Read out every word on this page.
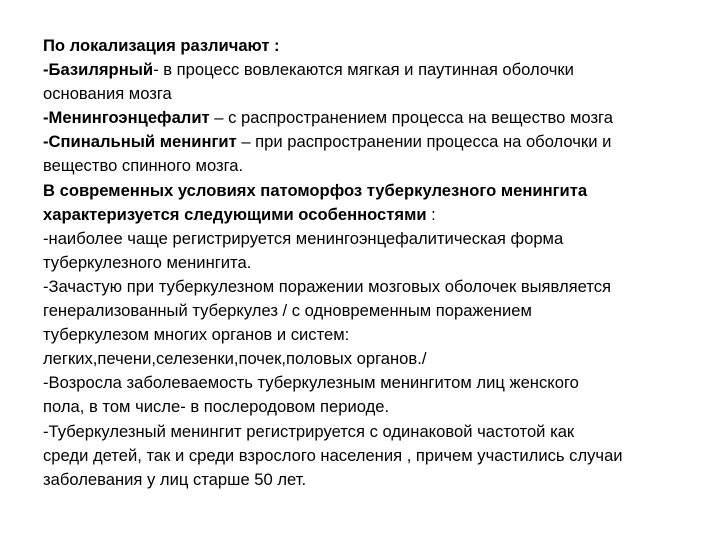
По локализация различают :
-Базилярный- в процесс вовлекаются мягкая и паутинная оболочки
основания мозга
-Менингоэнцефалит – с распространением процесса на вещество мозга
-Спинальный менингит – при распространении процесса на оболочки и
вещество спинного мозга.
В современных условиях патоморфоз туберкулезного менингита
характеризуется следующими особенностями :
-наиболее чаще регистрируется менингоэнцефалитическая форма
туберкулезного менингита.
-Зачастую при туберкулезном поражении мозговых оболочек выявляется
генерализованный туберкулез / с одновременным поражением
туберкулезом многих органов и систем:
легких,печени,селезенки,почек,половых органов./
-Возросла заболеваемость туберкулезным менингитом лиц женского
пола, в том числе- в послеродовом периоде.
-Туберкулезный менингит регистрируется с одинаковой частотой как
среди детей, так и среди взрослого населения , причем участились случаи
заболевания у лиц старше 50 лет.
